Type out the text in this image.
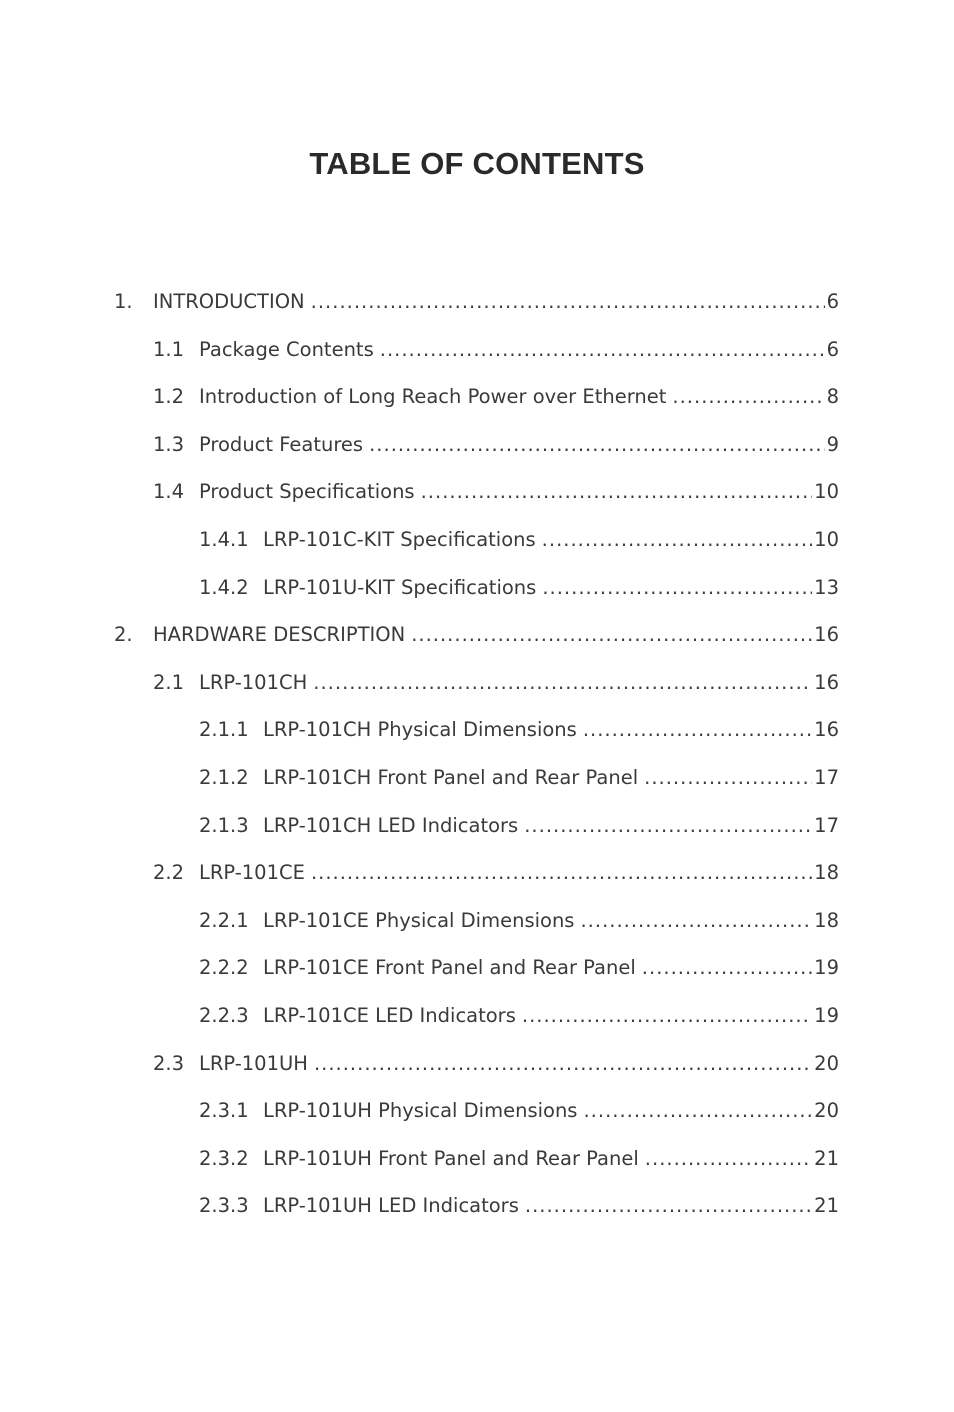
TABLE OF CONTENTS
1.	INTRODUCTION .....	6
1.1 Package Contents .....	6
1.2 Introduction of Long Reach Power over Ethernet .....	8
1.3 Product Features .....	9
1.4 Product Specifications .....	10
1.4.1 LRP-101C-KIT Specifications .....	10
1.4.2 LRP-101U-KIT Specifications .....	13
2.	HARDWARE DESCRIPTION .....	16
2.1 LRP-101CH .....	16
2.1.1 LRP-101CH Physical Dimensions .....	16
2.1.2 LRP-101CH Front Panel and Rear Panel .....	17
2.1.3 LRP-101CH LED Indicators .....	17
2.2 LRP-101CE .....	18
2.2.1 LRP-101CE Physical Dimensions .....	18
2.2.2 LRP-101CE Front Panel and Rear Panel .....	19
2.2.3 LRP-101CE LED Indicators .....	19
2.3 LRP-101UH .....	20
2.3.1 LRP-101UH Physical Dimensions .....	20
2.3.2 LRP-101UH Front Panel and Rear Panel .....	21
2.3.3 LRP-101UH LED Indicators .....	21
